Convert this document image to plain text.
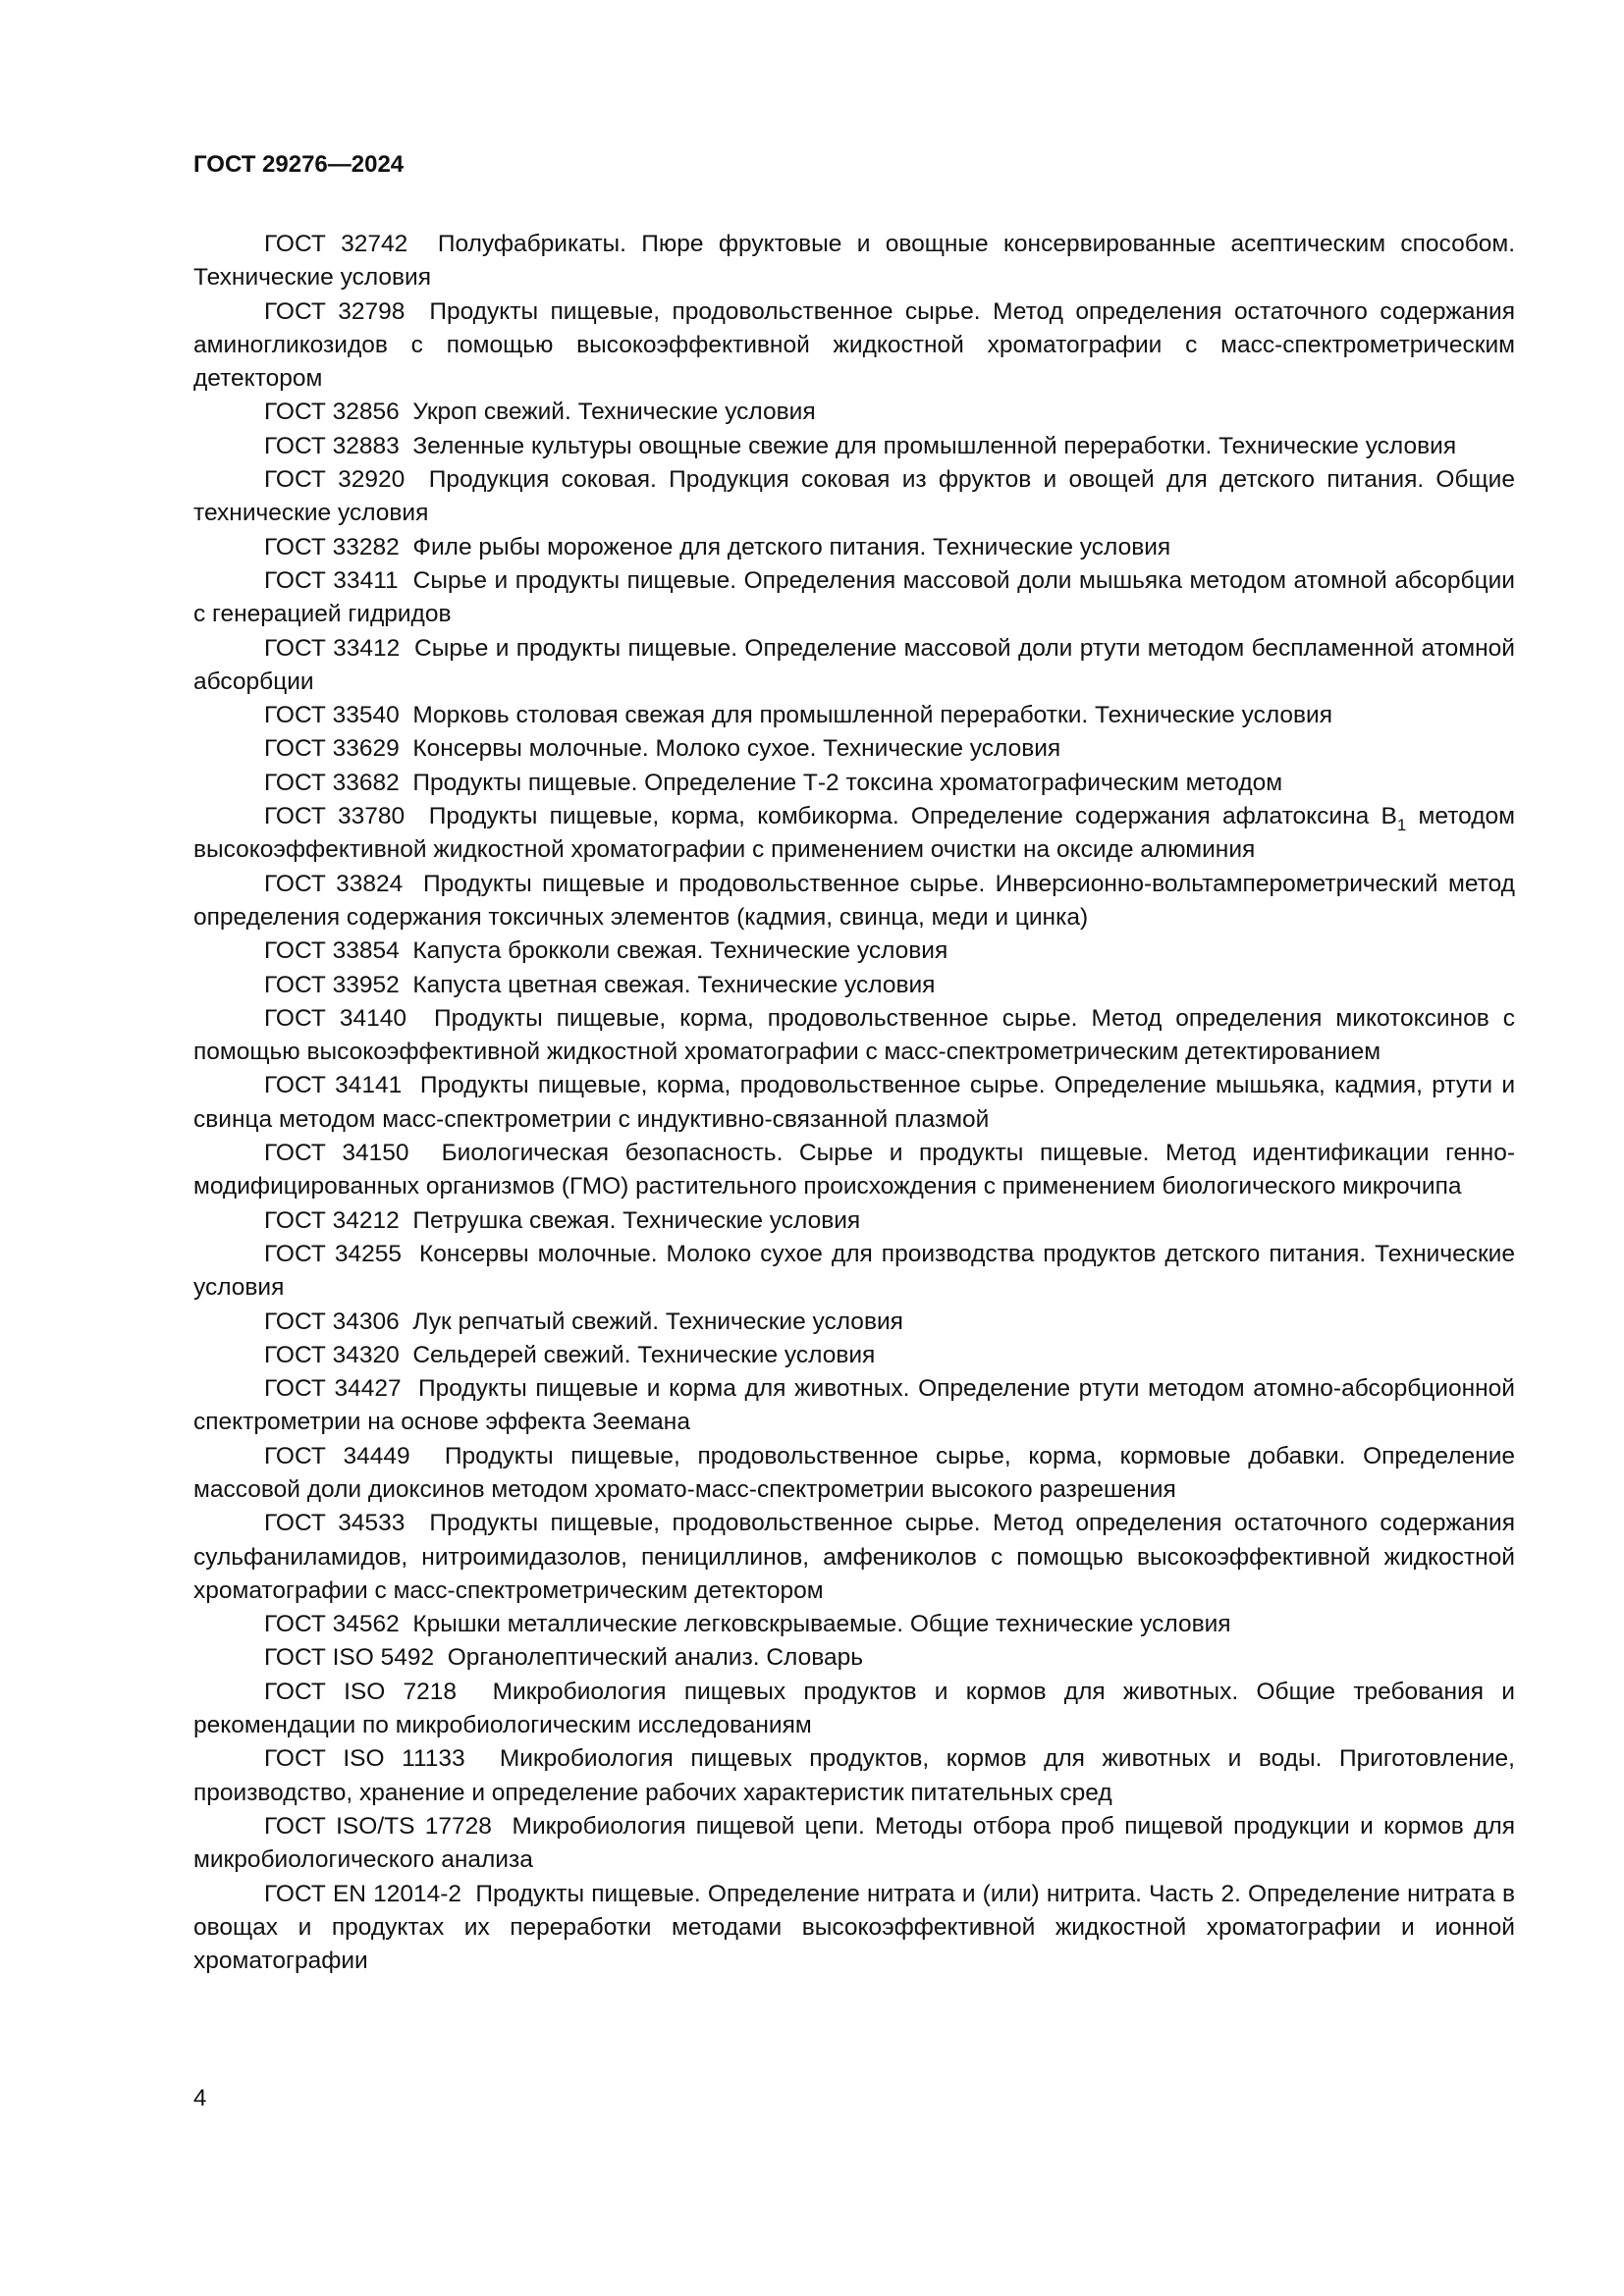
ГОСТ 29276—2024

ГОСТ 32742 Полуфабрикаты. Пюре фруктовые и овощные консервированные асептическим способом. Технические условия

ГОСТ 32798 Продукты пищевые, продовольственное сырье. Метод определения остаточного содержания аминогликозидов с помощью высокоэффективной жидкостной хроматографии с масс-спектрометрическим детектором

ГОСТ 32856 Укроп свежий. Технические условия

ГОСТ 32883 Зеленные культуры овощные свежие для промышленной переработки. Технические условия

ГОСТ 32920 Продукция соковая. Продукция соковая из фруктов и овощей для детского питания. Общие технические условия

ГОСТ 33282 Филе рыбы мороженое для детского питания. Технические условия

ГОСТ 33411 Сырье и продукты пищевые. Определения массовой доли мышьяка методом атомной абсорбции с генерацией гидридов

ГОСТ 33412 Сырье и продукты пищевые. Определение массовой доли ртути методом беспламенной атомной абсорбции

ГОСТ 33540 Морковь столовая свежая для промышленной переработки. Технические условия

ГОСТ 33629 Консервы молочные. Молоко сухое. Технические условия

ГОСТ 33682 Продукты пищевые. Определение Т-2 токсина хроматографическим методом

ГОСТ 33780 Продукты пищевые, корма, комбикорма. Определение содержания афлатоксина $B_1$ методом высокоэффективной жидкостной хроматографии с применением очистки на оксиде алюминия

ГОСТ 33824 Продукты пищевые и продовольственное сырье. Инверсионно-вольтамперометрический метод определения содержания токсичных элементов (кадмия, свинца, меди и цинка)

ГОСТ 33854 Капуста брокколи свежая. Технические условия

ГОСТ 33952 Капуста цветная свежая. Технические условия

ГОСТ 34140 Продукты пищевые, корма, продовольственное сырье. Метод определения микотоксинов с помощью высокоэффективной жидкостной хроматографии с масс-спектрометрическим детектированием

ГОСТ 34141 Продукты пищевые, корма, продовольственное сырье. Определение мышьяка, кадмия, ртути и свинца методом масс-спектрометрии с индуктивно-связанной плазмой

ГОСТ 34150 Биологическая безопасность. Сырье и продукты пищевые. Метод идентификации генно-модифицированных организмов (ГМО) растительного происхождения с применением биологического микрочипа

ГОСТ 34212 Петрушка свежая. Технические условия

ГОСТ 34255 Консервы молочные. Молоко сухое для производства продуктов детского питания. Технические условия

ГОСТ 34306 Лук репчатый свежий. Технические условия

ГОСТ 34320 Сельдерей свежий. Технические условия

ГОСТ 34427 Продукты пищевые и корма для животных. Определение ртути методом атомно-абсорбционной спектрометрии на основе эффекта Зеемана

ГОСТ 34449 Продукты пищевые, продовольственное сырье, корма, кормовые добавки. Определение массовой доли диоксинов методом хромато-масс-спектрометрии высокого разрешения

ГОСТ 34533 Продукты пищевые, продовольственное сырье. Метод определения остаточного содержания сульфаниламидов, нитроимидазолов, пенициллинов, амфениколов с помощью высокоэффективной жидкостной хроматографии с масс-спектрометрическим детектором

ГОСТ 34562 Крышки металлические легковскрываемые. Общие технические условия

ГОСТ ISO 5492 Органолептический анализ. Словарь

ГОСТ ISO 7218 Микробиология пищевых продуктов и кормов для животных. Общие требования и рекомендации по микробиологическим исследованиям

ГОСТ ISO 11133 Микробиология пищевых продуктов, кормов для животных и воды. Приготовление, производство, хранение и определение рабочих характеристик питательных сред

ГОСТ ISO/TS 17728 Микробиология пищевой цепи. Методы отбора проб пищевой продукции и кормов для микробиологического анализа

ГОСТ EN 12014-2 Продукты пищевые. Определение нитрата и (или) нитрита. Часть 2. Определение нитрата в овощах и продуктах их переработки методами высокоэффективной жидкостной хроматографии и ионной хроматографии

4
